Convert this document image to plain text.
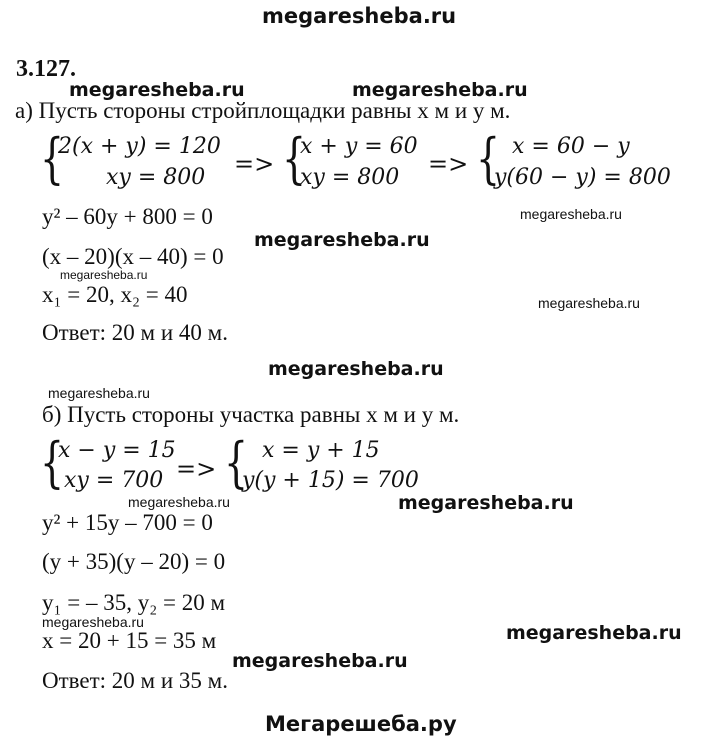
megaresheba.ru
3.127.
megaresheba.ru	megaresheba.ru
а) Пусть стороны стройплощадки равны х м и у м.
{
2(x + y) = 120
xy = 800 => {
x + y = 60
xy = 800 => { x = 60 − y
y(60 − y) = 800
y² – 60y + 800 = 0	megaresheba.ru
megaresheba.ru
(x – 20)(x – 40) = 0
megaresheba.ru
x₁ = 20, x₂ = 40	megaresheba.ru
Ответ: 20 м и 40 м.
megaresheba.ru
megaresheba.ru
б) Пусть стороны участка равны х м и у м.
{
x − y = 15
xy = 700 => { x = y + 15
y(y + 15) = 700
megaresheba.ru	megaresheba.ru
y² + 15y – 700 = 0
(y + 35)(y – 20) = 0
y₁ = – 35, y₂ = 20 м
megaresheba.ru	megaresheba.ru
x = 20 + 15 = 35 м
megaresheba.ru
Ответ: 20 м и 35 м.
Мегарешеба.ру
